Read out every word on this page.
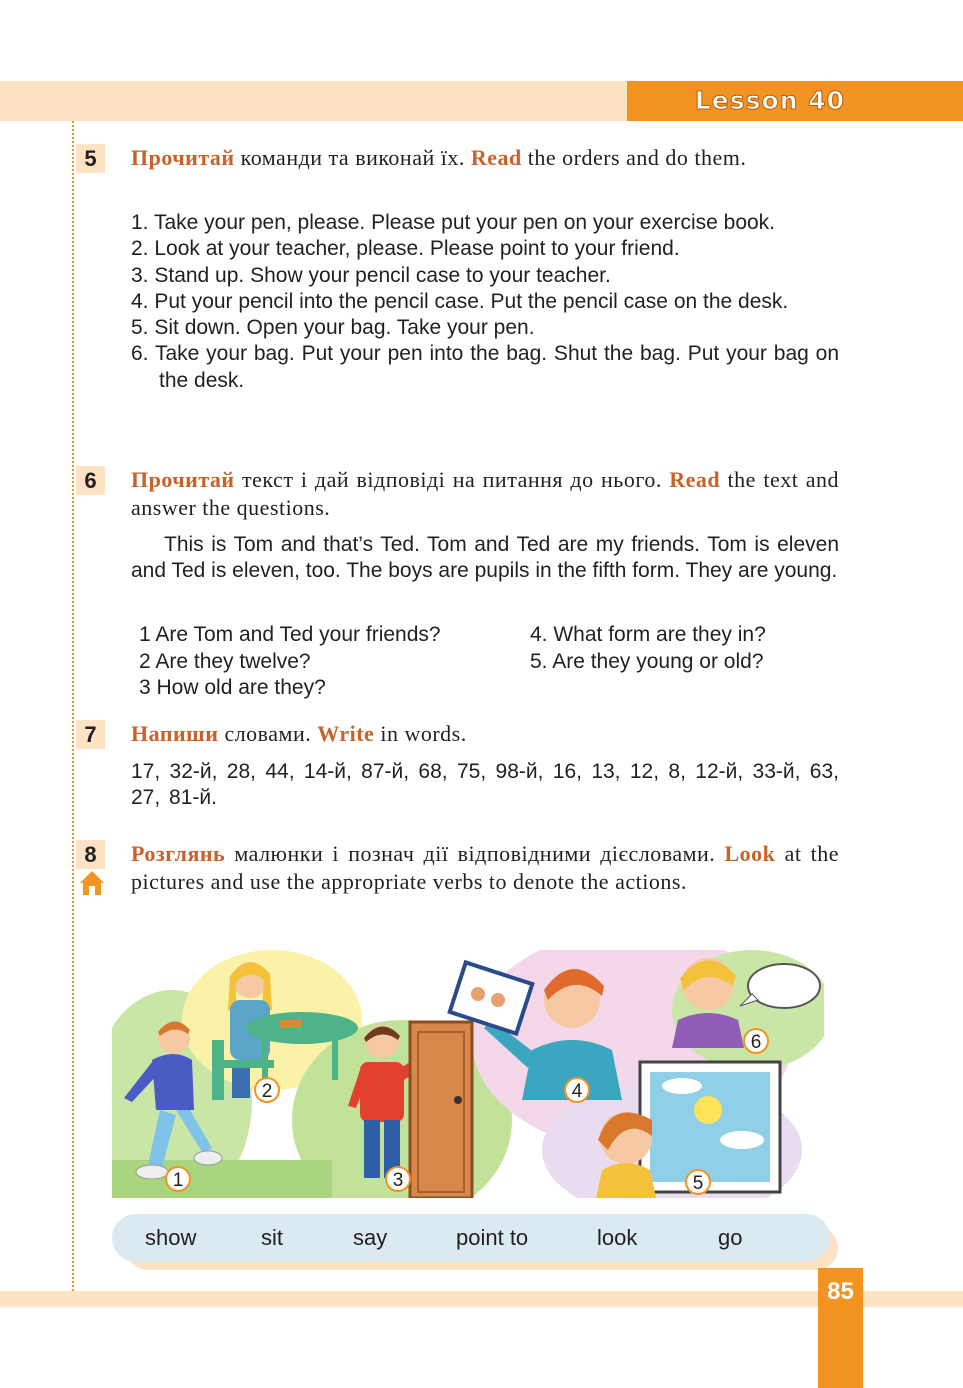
Lesson 40
5	Прочитай команди та виконай їх. Read the orders and do them.
1. Take your pen, please. Please put your pen on your exercise book.
2. Look at your teacher, please. Please point to your friend.
3. Stand up. Show your pencil case to your teacher.
4. Put your pencil into the pencil case. Put the pencil case on the desk.
5. Sit down. Open your bag. Take your pen.
6. Take your bag. Put your pen into the bag. Shut the bag. Put your bag on the desk.
6	Прочитай текст і дай відповіді на питання до нього. Read the text and answer the questions.
This is Tom and that’s Ted. Tom and Ted are my friends. Tom is eleven and Ted is eleven, too. The boys are pupils in the fifth form. They are young.
1 Are Tom and Ted your friends?
2 Are they twelve?
3 How old are they?
4. What form are they in?
5. Are they young or old?
7	Напиши словами. Write in words.
17, 32-й, 28, 44, 14-й, 87-й, 68, 75, 98-й, 16, 13, 12, 8, 12-й, 33-й, 63, 27, 81-й.
8	Розглянь малюнки і познач дії відповідними дієсловами. Look at the pictures and use the appropriate verbs to denote the actions.
1
2
3
4
5
6
show	sit	say	point to	look	go
85
